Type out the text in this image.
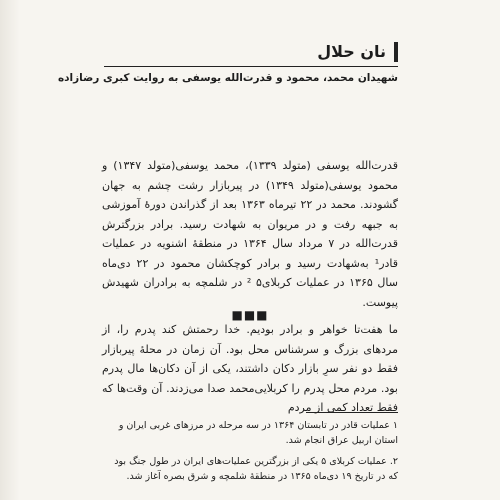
نان حلال
شهیدان محمد، محمود و قدرت‌الله یوسفی به روایت کبری رضازاده
قدرت‌الله یوسفی (متولد ۱۳۳۹)، محمد یوسفی(متولد ۱۳۴۷) و محمود یوسفی(متولد ۱۳۴۹) در پیربازار رشت چشم به جهان گشودند. محمد در ۲۲ تیرماه ۱۳۶۳ بعد از گذراندن دورهٔ آموزشی به جبهه رفت و در مریوان به شهادت رسید. برادر بزرگترش قدرت‌الله در ۷ مرداد سال ۱۳۶۴ در منطقهٔ اشنویه در عملیات قادر¹ به‌شهادت رسید و برادر کوچکشان محمود در ۲۲ دی‌ماه سال ۱۳۶۵ در عملیات کربلای۵ ² در شلمچه به برادران شهیدش پیوست.
■■■
ما هفت‌تا خواهر و برادر بودیم. خدا رحمتش کند پدرم را، از مردهای بزرگ و سرشناس محل بود. آن زمان در محلهٔ پیربازار فقط دو نفر سرِ بازار دکان داشتند، یکی از آن دکان‌ها مال پدرم بود. مردم محل پدرم را کربلایی‌محمد صدا می‌زدند. آن وقت‌ها که فقط تعداد کمی از مردم

۱ عملیات قادر در تابستان ۱۳۶۴ در سه مرحله در مرزهای غربی ایران و استان اربیل عراق انجام شد.

۲. عملیات کربلای ۵ یکی از بزرگترین عملیات‌های ایران در طول جنگ بود که در تاریخ ۱۹ دی‌ماه ۱۳۶۵ در منطقهٔ شلمچه و شرق بصره آغاز شد.
